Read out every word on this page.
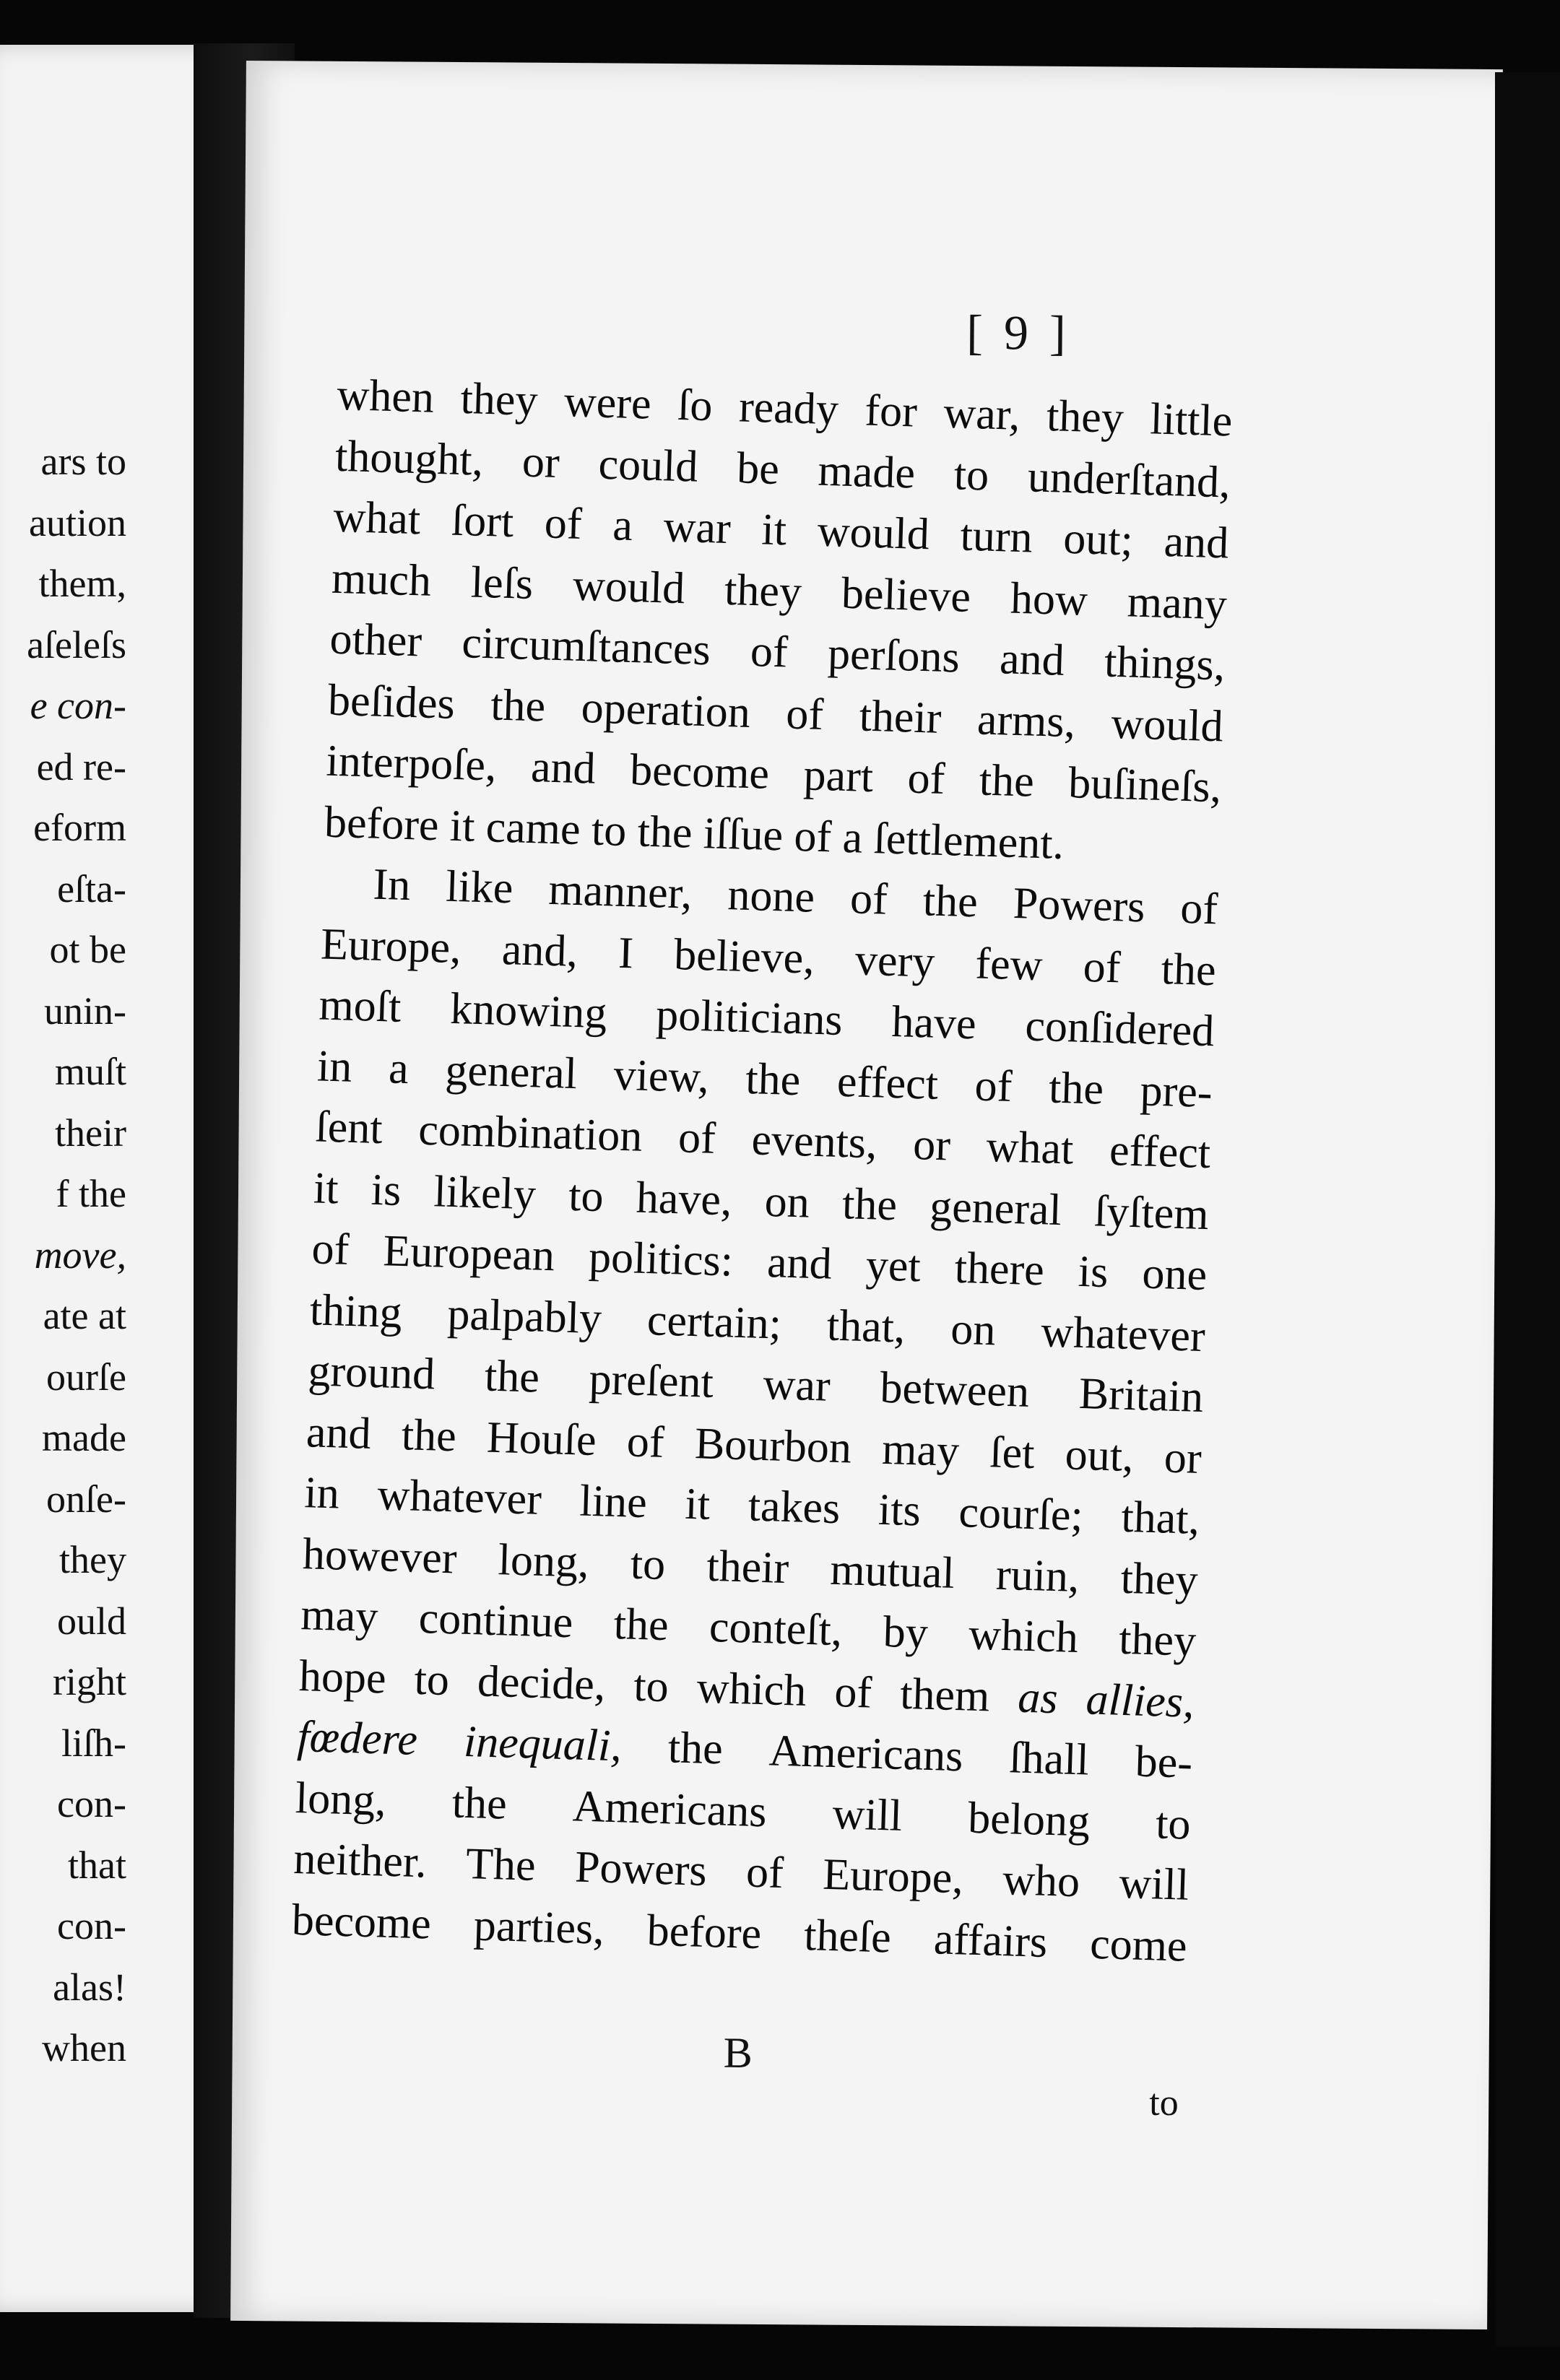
ars to
aution
them,
aſeleſs
e con-
ed re-
eform
eſta-
ot be
unin-
muſt
their
f the
move,
ate at
ourſe
made
onſe-
they
ould
right
liſh-
con-
that
con-
alas!
when
[ 9 ]
when they were ſo ready for war, they little
thought, or could be made to underſtand,
what ſort of a war it would turn out; and
much leſs would they believe how many
other circumſtances of perſons and things,
beſides the operation of their arms, would
interpoſe, and become part of the buſineſs,
before it came to the iſſue of a ſettlement.
In like manner, none of the Powers of
Europe, and, I believe, very few of the
moſt knowing politicians have conſidered
in a general view, the effect of the pre-
ſent combination of events, or what effect
it is likely to have, on the general ſyſtem
of European politics: and yet there is one
thing palpably certain; that, on whatever
ground the preſent war between Britain
and the Houſe of Bourbon may ſet out, or
in whatever line it takes its courſe; that,
however long, to their mutual ruin, they
may continue the conteſt, by which they
hope to decide, to which of them as allies,
fœdere inequali, the Americans ſhall be-
long, the Americans will belong to
neither. The Powers of Europe, who will
become parties, before theſe affairs come
B
to
